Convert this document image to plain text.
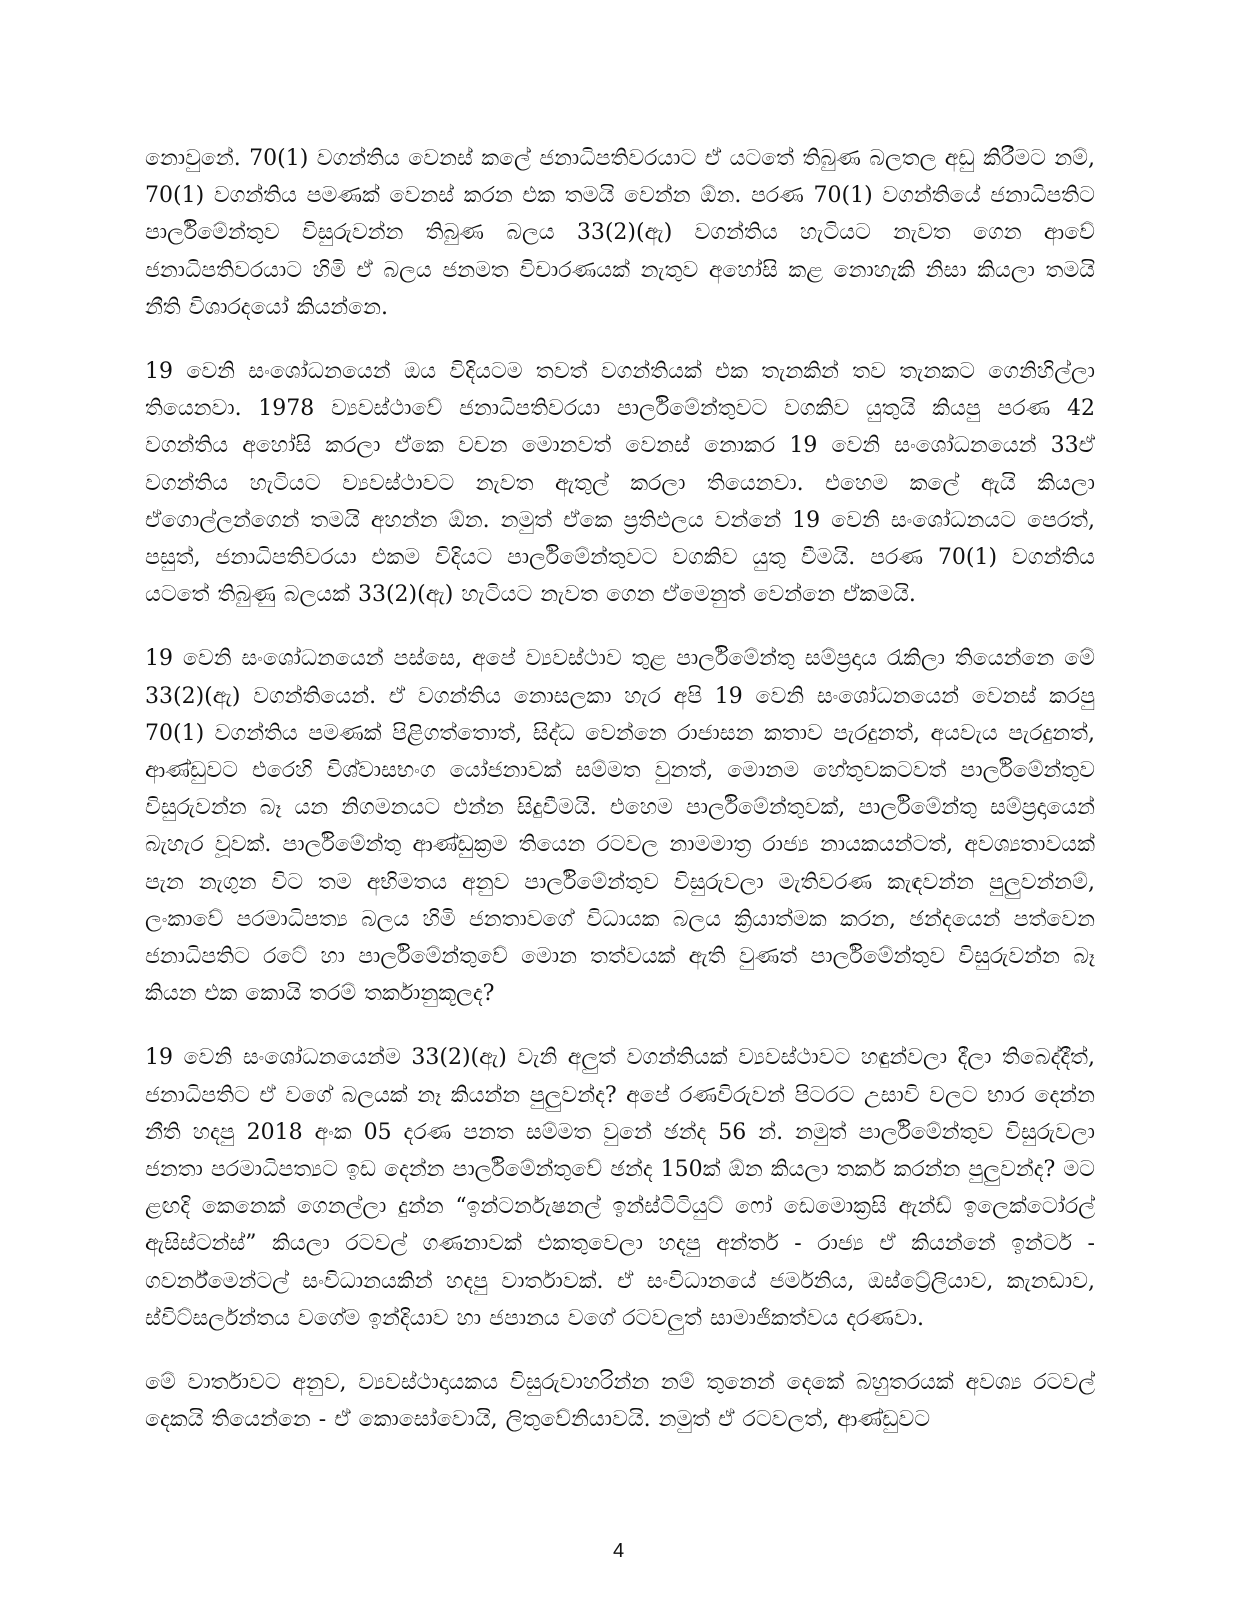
නොවුනේ. 70(1) වගන්තිය වෙනස් කලේ ජනාධිපතිවරයාට ඒ යටතේ තිබුණ බලතල අඩු කිරීමට නම්, 70(1) වගන්තිය පමණක් වෙනස් කරන එක තමයි වෙන්න ඕන. පරණ 70(1) වගන්තියේ ජනාධිපතිට පාර්ලිමේන්තුව විසුරුවන්න තිබුණ බලය 33(2)(ඇ) වගන්තිය හැටියට නැවත ගෙන ආවේ ජනාධිපතිවරයාට හිමි ඒ බලය ජනමත විචාරණයක් නැතුව අහෝසි කළ නොහැකි නිසා කියලා තමයි නීති විශාරදයෝ කියන්නෙ.

19 වෙනි සංශෝධනයෙන් ඔය විදියටම තවත් වගන්තියක් එක තැනකින් තව තැනකට ගෙනිහිල්ලා තියෙනවා. 1978 ව්‍යවස්ථාවේ ජනාධිපතිවරයා පාර්ලිමේන්තුවට වගකිව යුතුයි කියපු පරණ 42 වගන්තිය අහෝසි කරලා ඒකෙ වචන මොනවත් වෙනස් නොකර 19 වෙනි සංශෝධනයෙන් 33ඒ වගන්තිය හැටියට ව්‍යවස්ථාවට නැවත ඇතුල් කරලා තියෙනවා. එහෙම කලේ ඇයි කියලා ඒගොල්ලන්ගෙන් තමයි අහන්න ඕන. නමුත් ඒකෙ ප්‍රතිඵලය වන්නේ 19 වෙනි සංශෝධනයට පෙරත්, පසුත්, ජනාධිපතිවරයා එකම විදියට පාර්ලිමේන්තුවට වගකිව යුතු වීමයි. පරණ 70(1) වගන්තිය යටතේ තිබුණු බලයක් 33(2)(ඇ) හැටියට නැවත ගෙන ඒමෙනුත් වෙන්නෙ ඒකමයි.

19 වෙනි සංශෝධනයෙන් පස්සෙ, අපේ ව්‍යවස්ථාව තුළ පාර්ලිමේන්තු සම්ප්‍රදාය රැකිලා තියෙන්නෙ මේ 33(2)(ඇ) වගන්තියෙන්. ඒ වගන්තිය නොසලකා හැර අපි 19 වෙනි සංශෝධනයෙන් වෙනස් කරපු 70(1) වගන්තිය පමණක් පිළිගත්තොත්, සිද්ධ වෙන්නෙ රාජාසන කතාව පැරදුනත්, අයවැය පැරදුනත්, ආණ්ඩුවට එරෙහි විශ්වාසභංග යෝජනාවක් සම්මත වුනත්, මොනම හේතුවකටවත් පාර්ලිමේන්තුව විසුරුවන්න බෑ යන නිගමනයට එන්න සිදුවීමයි. එහෙම පාර්ලිමේන්තුවක්, පාර්ලිමේන්තු සම්ප්‍රදායෙන් බැහැර වූවක්. පාර්ලිමේන්තු ආණ්ඩුක්‍රම තියෙන රටවල නාමමාත්‍ර රාජ්‍ය නායකයන්ටත්, අවශ්‍යතාවයක් පැන නැගුන විට තම අභිමතය අනුව පාර්ලිමේන්තුව විසුරුවලා මැතිවරණ කැඳවන්න පුලුවන්නම්, ලංකාවේ පරමාධිපත්‍ය බලය හිමි ජනතාවගේ විධායක බලය ක්‍රියාත්මක කරන, ඡන්දයෙන් පත්වෙන ජනාධිපතිට රටේ හා පාර්ලිමේන්තුවේ මොන තත්වයක් ඇති වුණත් පාර්ලිමේන්තුව විසුරුවන්න බෑ කියන එක කොයි තරම් තර්කානුකූලද?

19 වෙනි සංශෝධනයෙන්ම 33(2)(ඇ) වැනි අලුත් වගන්තියක් ව්‍යවස්ථාවට හඳුන්වලා දීලා තිබෙද්දීත්, ජනාධිපතිට ඒ වගේ බලයක් නෑ කියන්න පුලුවන්ද? අපේ රණවිරුවන් පිටරට උසාවි වලට භාර දෙන්න නීති හදපු 2018 අංක 05 දරණ පනත සම්මත වුනේ ඡන්ද 56 න්. නමුත් පාර්ලිමේන්තුව විසුරුවලා ජනතා පරමාධිපත්‍යට ඉඩ දෙන්න පාර්ලිමේන්තුවේ ඡන්ද 150ක් ඕන කියලා තර්ක කරන්න පුලුවන්ද? මට ළඟදි කෙනෙක් ගෙනල්ලා දුන්න “ඉන්ටර්නැෂනල් ඉන්ස්ටිටියුට් ෆෝ ඩෙමොක්‍රසි ඇන්ඩ් ඉලෙක්ටෝරල් ඇසිස්ටන්ස්” කියලා රටවල් ගණනාවක් එකතුවෙලා හදපු අන්තර් - රාජ්‍ය ඒ කියන්නේ ඉන්ටර් - ගවර්න්මෙන්ටල් සංවිධානයකින් හදපු වාර්තාවක්. ඒ සංවිධානයේ ජර්මනිය, ඔස්ට්‍රේලියාව, කැනඩාව, ස්විට්සර්ලන්තය වගේම ඉන්දියාව හා ජපානය වගේ රටවලුත් සාමාජිකත්වය දරණවා.

මේ වාර්තාවට අනුව, ව්‍යවස්ථාදායකය විසුරුවාහරින්න නම් තුනෙන් දෙකේ බහුතරයක් අවශ්‍ය රටවල් දෙකයි තියෙන්නෙ - ඒ කොසෝවොයි, ලිතුවේනියාවයි. නමුත් ඒ රටවලත්, ආණ්ඩුවට

4
